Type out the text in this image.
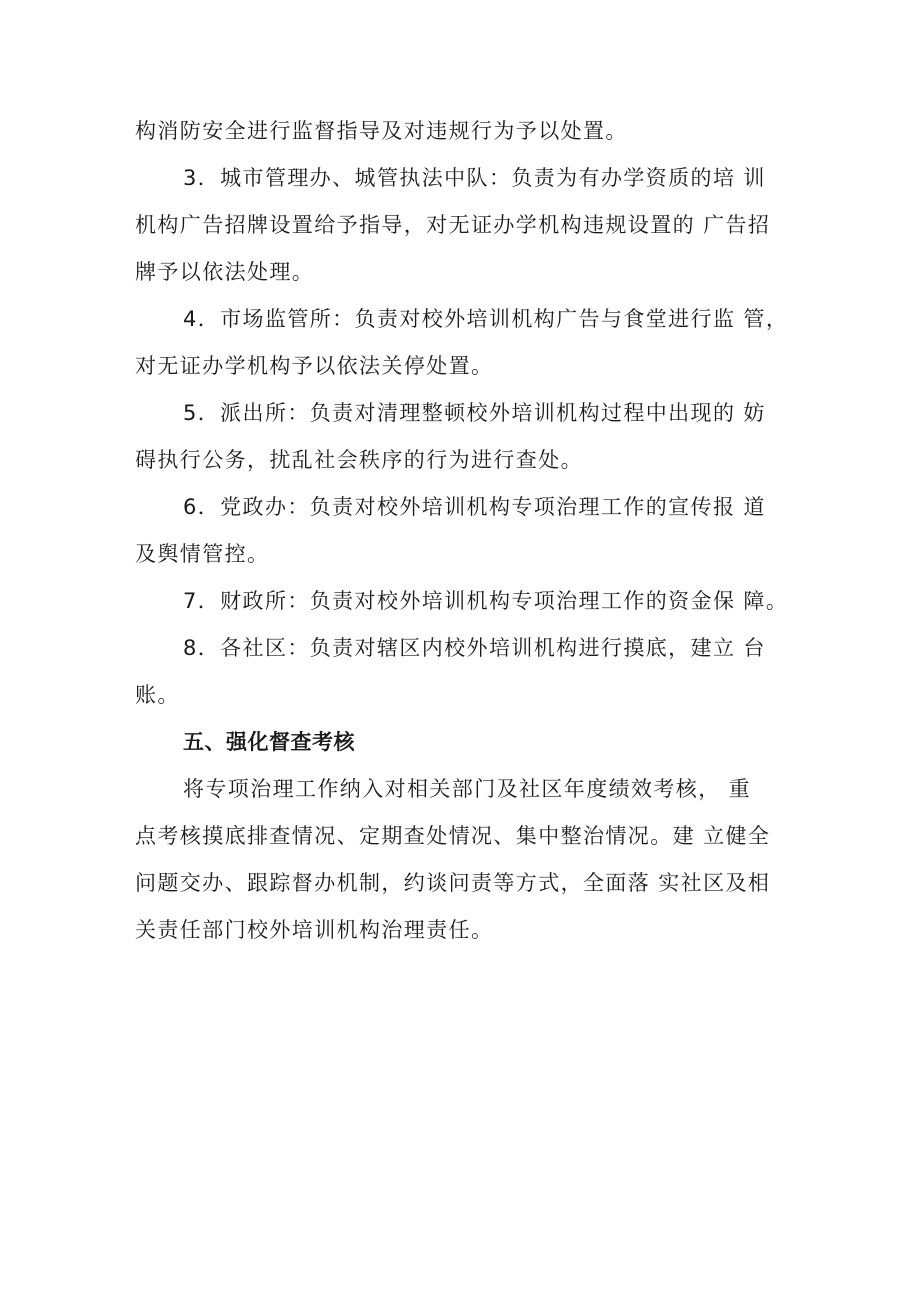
构消防安全进行监督指导及对违规行为予以处置。
3．城市管理办、城管执法中队：负责为有办学资质的培 训
机构广告招牌设置给予指导，对无证办学机构违规设置的 广告招
牌予以依法处理。
4．市场监管所：负责对校外培训机构广告与食堂进行监 管，
对无证办学机构予以依法关停处置。
5．派出所：负责对清理整顿校外培训机构过程中出现的 妨
碍执行公务，扰乱社会秩序的行为进行查处。
6．党政办：负责对校外培训机构专项治理工作的宣传报 道
及舆情管控。
7．财政所：负责对校外培训机构专项治理工作的资金保 障。
8．各社区：负责对辖区内校外培训机构进行摸底，建立 台
账。
五、强化督查考核
将专项治理工作纳入对相关部门及社区年度绩效考核， 重
点考核摸底排查情况、定期查处情况、集中整治情况。建 立健全
问题交办、跟踪督办机制，约谈问责等方式，全面落 实社区及相
关责任部门校外培训机构治理责任。
